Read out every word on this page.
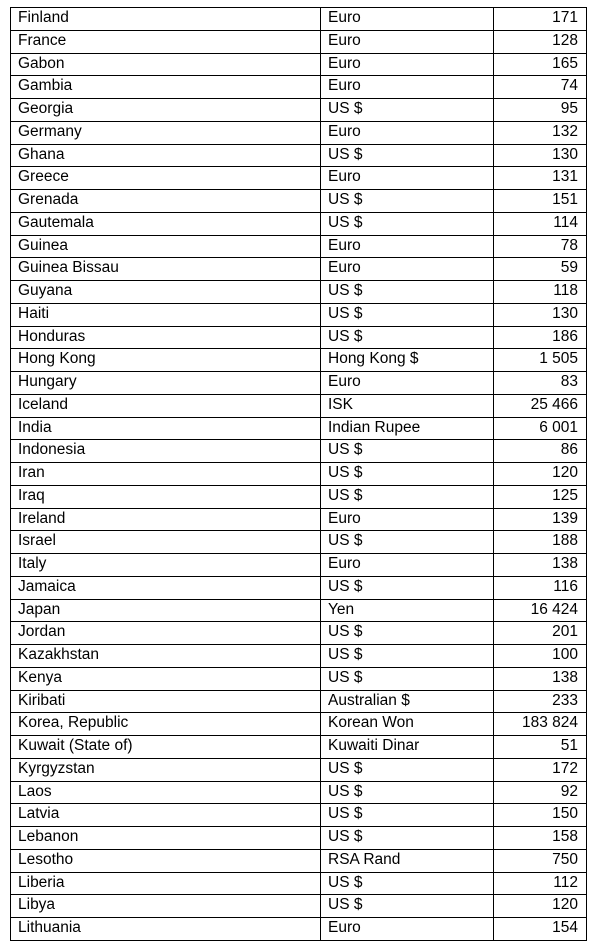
Finland	Euro	171
France	Euro	128
Gabon	Euro	165
Gambia	Euro	74
Georgia	US $	95
Germany	Euro	132
Ghana	US $	130
Greece	Euro	131
Grenada	US $	151
Gautemala	US $	114
Guinea	Euro	78
Guinea Bissau	Euro	59
Guyana	US $	118
Haiti	US $	130
Honduras	US $	186
Hong Kong	Hong Kong $	1 505
Hungary	Euro	83
Iceland	ISK	25 466
India	Indian Rupee	6 001
Indonesia	US $	86
Iran	US $	120
Iraq	US $	125
Ireland	Euro	139
Israel	US $	188
Italy	Euro	138
Jamaica	US $	116
Japan	Yen	16 424
Jordan	US $	201
Kazakhstan	US $	100
Kenya	US $	138
Kiribati	Australian $	233
Korea, Republic	Korean Won	183 824
Kuwait (State of)	Kuwaiti Dinar	51
Kyrgyzstan	US $	172
Laos	US $	92
Latvia	US $	150
Lebanon	US $	158
Lesotho	RSA Rand	750
Liberia	US $	112
Libya	US $	120
Lithuania	Euro	154
